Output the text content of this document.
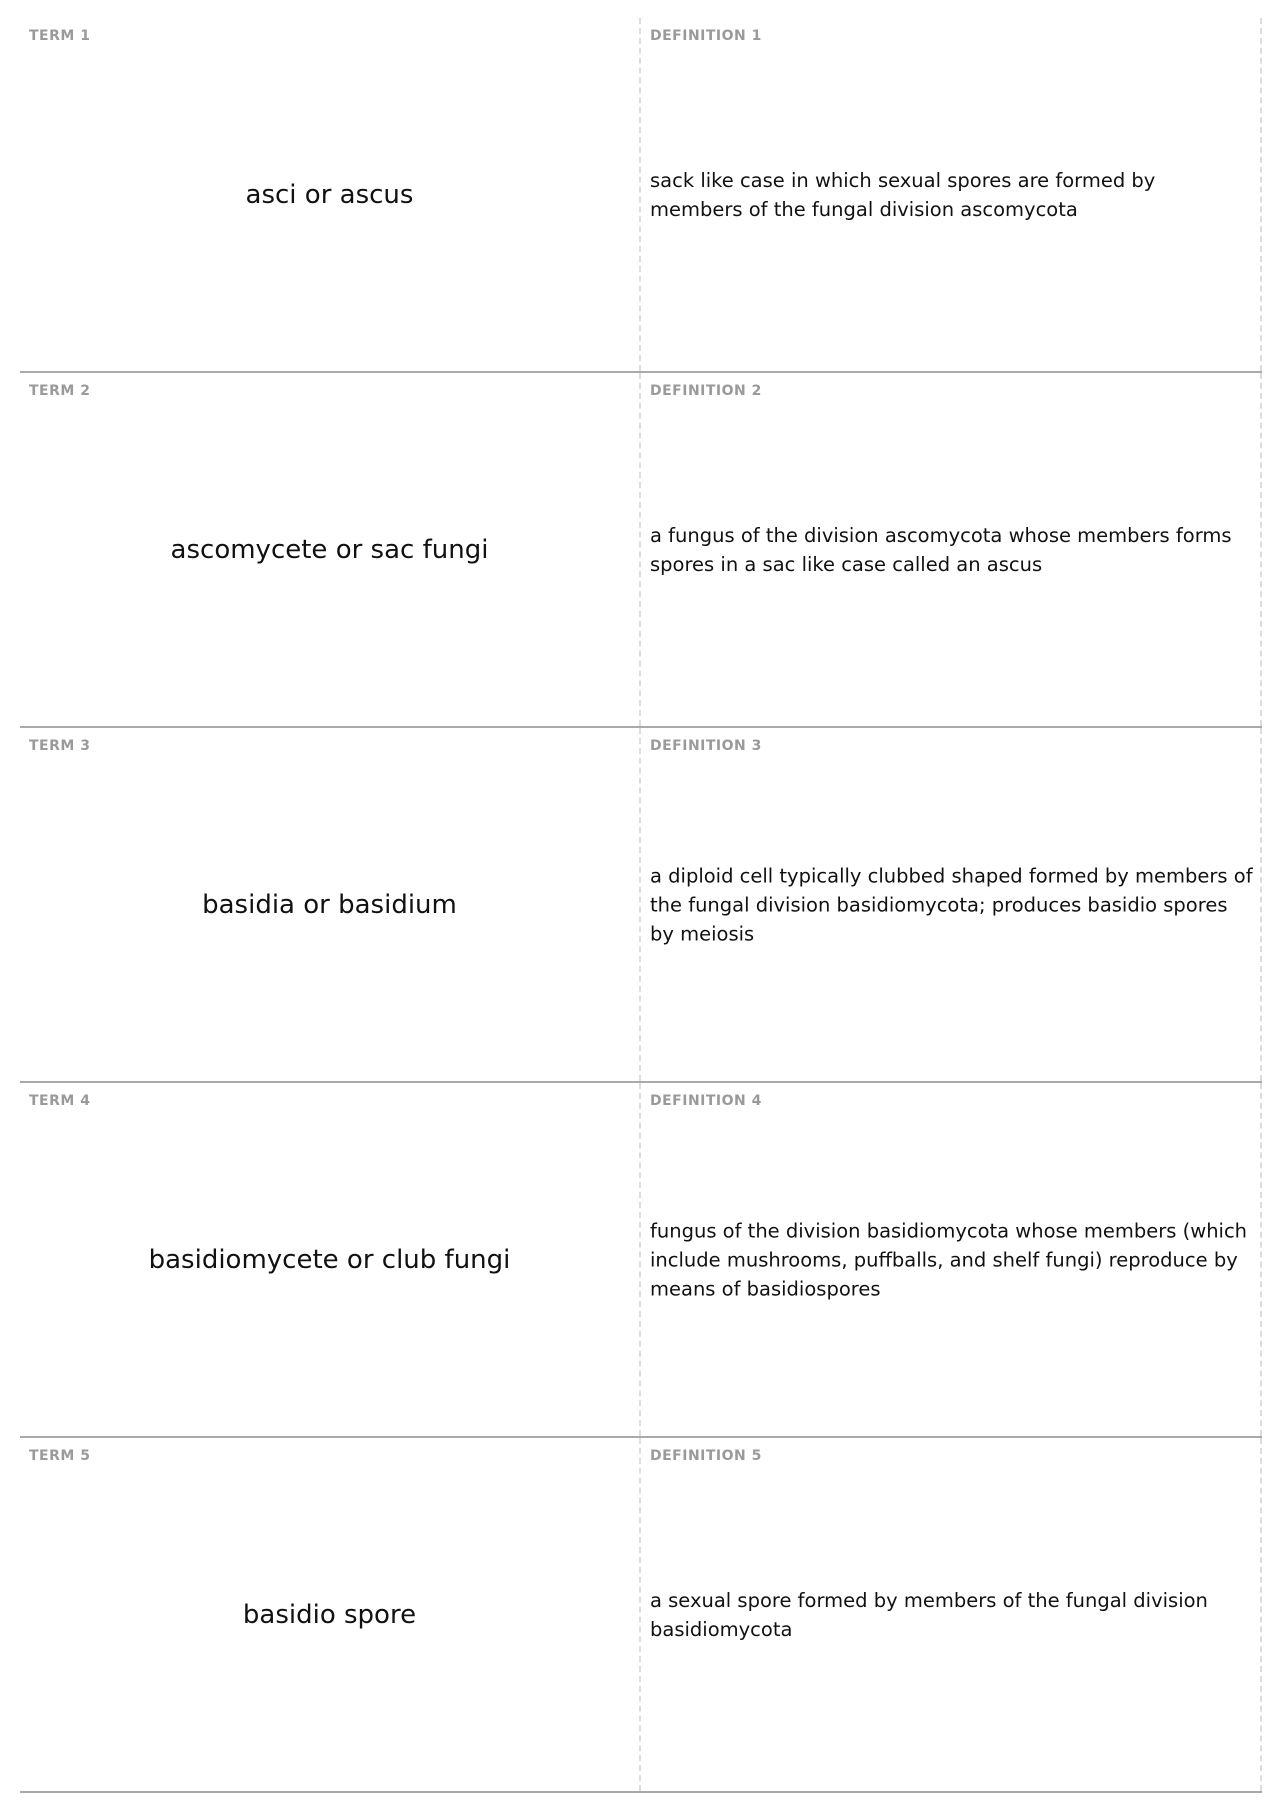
TERM 1
asci or ascus
DEFINITION 1
sack like case in which sexual spores are formed by members of the fungal division ascomycota
TERM 2
ascomycete or sac fungi
DEFINITION 2
a fungus of the division ascomycota whose members forms spores in a sac like case called an ascus
TERM 3
basidia or basidium
DEFINITION 3
a diploid cell typically clubbed shaped formed by members of the fungal division basidiomycota; produces basidio spores by meiosis
TERM 4
basidiomycete or club fungi
DEFINITION 4
fungus of the division basidiomycota whose members (which include mushrooms, puffballs, and shelf fungi) reproduce by means of basidiospores
TERM 5
basidio spore
DEFINITION 5
a sexual spore formed by members of the fungal division basidiomycota
